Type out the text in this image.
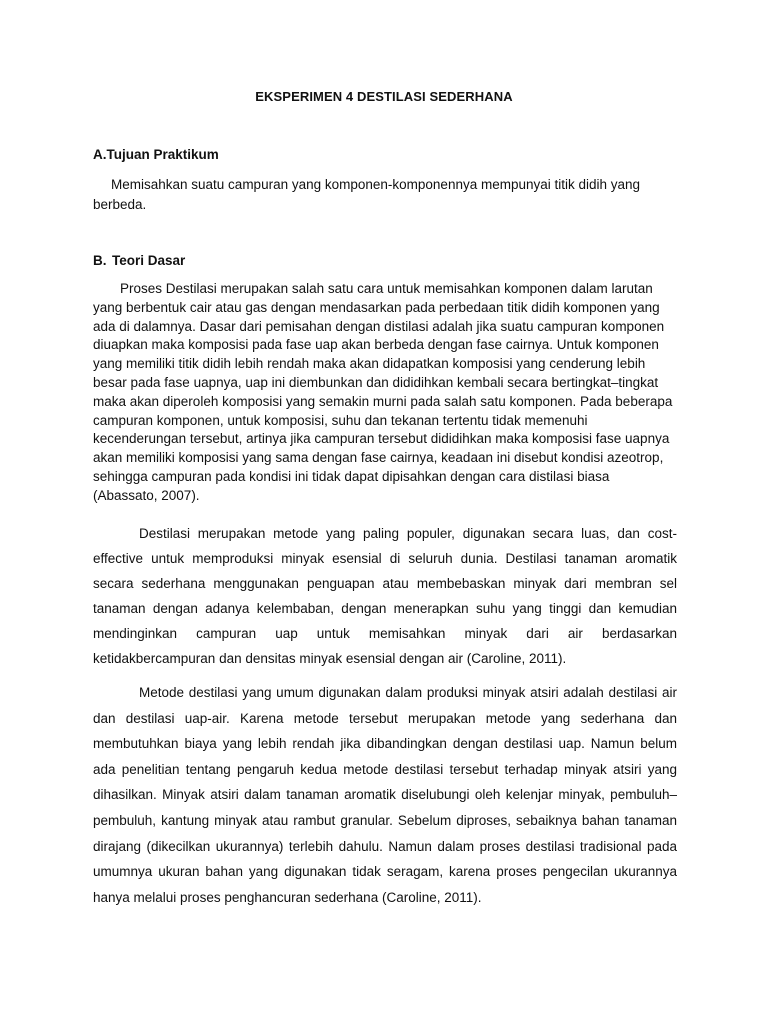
EKSPERIMEN 4 DESTILASI SEDERHANA
A.Tujuan Praktikum

Memisahkan suatu campuran yang komponen-komponennya mempunyai titik didih yang berbeda.

B. Teori Dasar

Proses Destilasi merupakan salah satu cara untuk memisahkan komponen dalam larutan yang berbentuk cair atau gas dengan mendasarkan pada perbedaan titik didih komponen yang ada di dalamnya. Dasar dari pemisahan dengan distilasi adalah jika suatu campuran komponen diuapkan maka komposisi pada fase uap akan berbeda dengan fase cairnya. Untuk komponen yang memiliki titik didih lebih rendah maka akan didapatkan komposisi yang cenderung lebih besar pada fase uapnya, uap ini diembunkan dan dididihkan kembali secara bertingkat–tingkat maka akan diperoleh komposisi yang semakin murni pada salah satu komponen. Pada beberapa campuran komponen, untuk komposisi, suhu dan tekanan tertentu tidak memenuhi kecenderungan tersebut, artinya jika campuran tersebut dididihkan maka komposisi fase uapnya akan memiliki komposisi yang sama dengan fase cairnya, keadaan ini disebut kondisi azeotrop, sehingga campuran pada kondisi ini tidak dapat dipisahkan dengan cara distilasi biasa (Abassato, 2007).

Destilasi merupakan metode yang paling populer, digunakan secara luas, dan cost-effective untuk memproduksi minyak esensial di seluruh dunia. Destilasi tanaman aromatik secara sederhana menggunakan penguapan atau membebaskan minyak dari membran sel tanaman dengan adanya kelembaban, dengan menerapkan suhu yang tinggi dan kemudian mendinginkan campuran uap untuk memisahkan minyak dari air berdasarkan ketidakbercampuran dan densitas minyak esensial dengan air (Caroline, 2011).

Metode destilasi yang umum digunakan dalam produksi minyak atsiri adalah destilasi air dan destilasi uap-air. Karena metode tersebut merupakan metode yang sederhana dan membutuhkan biaya yang lebih rendah jika dibandingkan dengan destilasi uap. Namun belum ada penelitian tentang pengaruh kedua metode destilasi tersebut terhadap minyak atsiri yang dihasilkan. Minyak atsiri dalam tanaman aromatik diselubungi oleh kelenjar minyak, pembuluh–pembuluh, kantung minyak atau rambut granular. Sebelum diproses, sebaiknya bahan tanaman dirajang (dikecilkan ukurannya) terlebih dahulu. Namun dalam proses destilasi tradisional pada umumnya ukuran bahan yang digunakan tidak seragam, karena proses pengecilan ukurannya hanya melalui proses penghancuran sederhana (Caroline, 2011).
